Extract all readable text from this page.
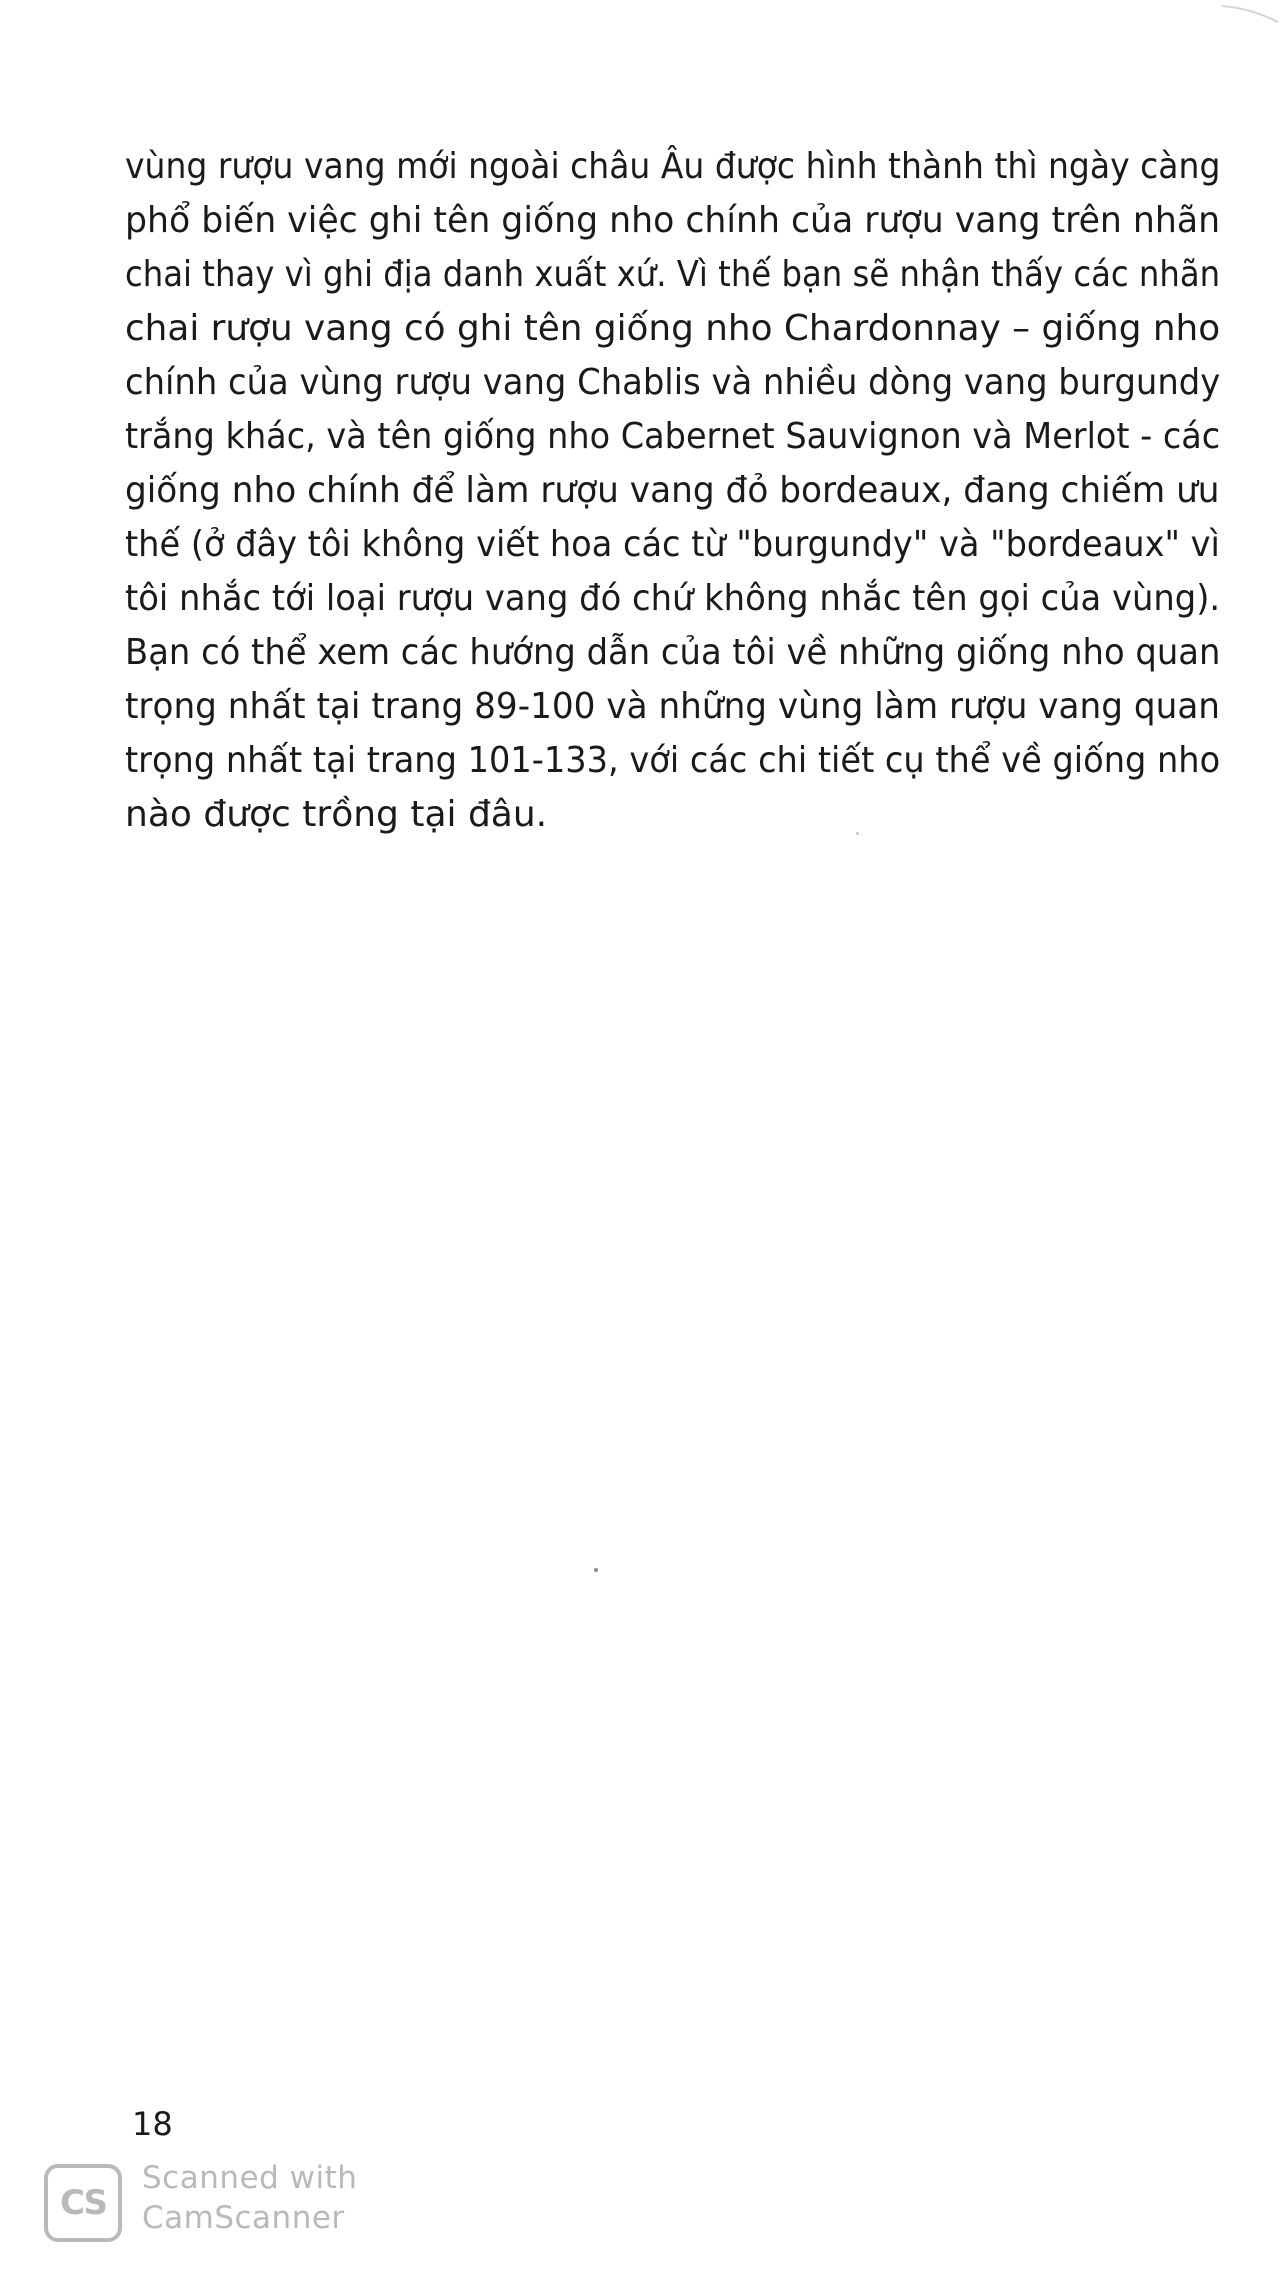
vùng rượu vang mới ngoài châu Âu được hình thành thì ngày càng
phổ biến việc ghi tên giống nho chính của rượu vang trên nhãn
chai thay vì ghi địa danh xuất xứ. Vì thế bạn sẽ nhận thấy các nhãn
chai rượu vang có ghi tên giống nho Chardonnay – giống nho
chính của vùng rượu vang Chablis và nhiều dòng vang burgundy
trắng khác, và tên giống nho Cabernet Sauvignon và Merlot - các
giống nho chính để làm rượu vang đỏ bordeaux, đang chiếm ưu
thế (ở đây tôi không viết hoa các từ "burgundy" và "bordeaux" vì
tôi nhắc tới loại rượu vang đó chứ không nhắc tên gọi của vùng).
Bạn có thể xem các hướng dẫn của tôi về những giống nho quan
trọng nhất tại trang 89-100 và những vùng làm rượu vang quan
trọng nhất tại trang 101-133, với các chi tiết cụ thể về giống nho
nào được trồng tại đâu.
18
CS
Scanned with
CamScanner
